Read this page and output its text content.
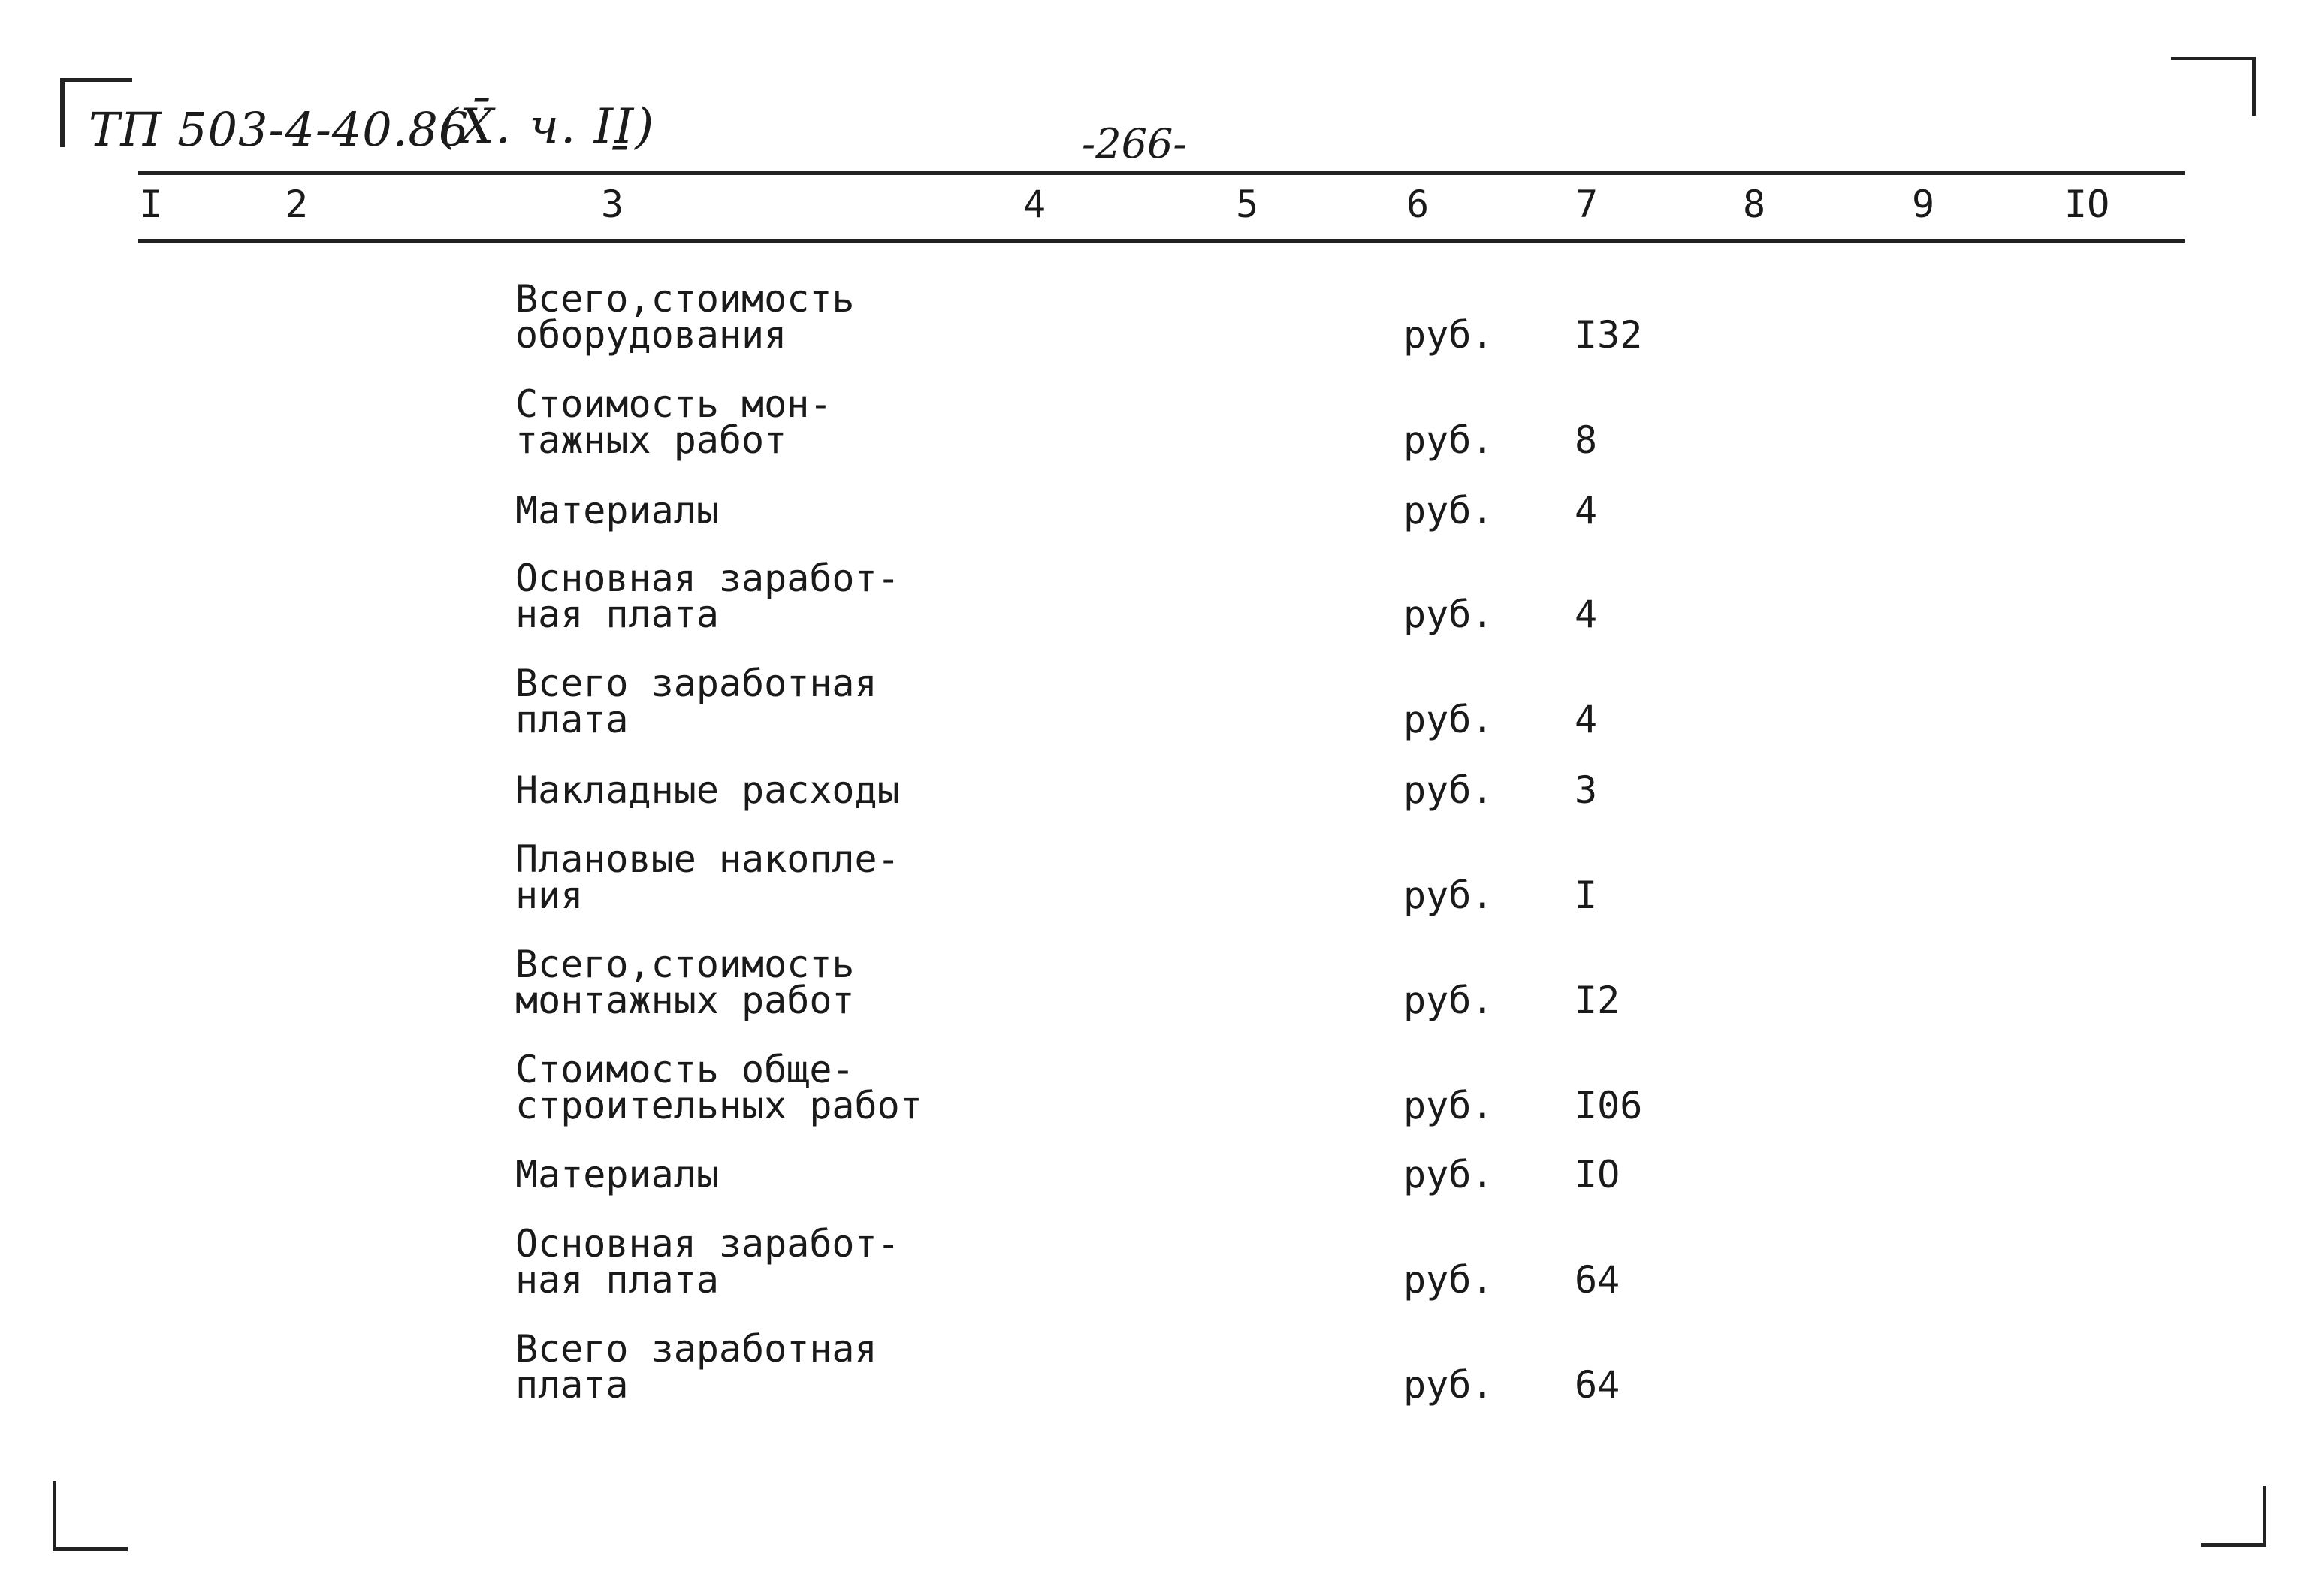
ТП 503-4-40.86
(X̄. ч. II̱)	-266-
I	2	3	4	5	6	7	8	9	IO
Всего,стоимость
оборудования	руб. I32
Стоимость мон-
тажных работ	руб. 8
Материалы	руб. 4
Основная заработ-
ная плата	руб. 4
Всего заработная
плата	руб. 4
Накладные расходы	руб. 3
Плановые накопле-
ния	руб. I
Всего,стоимость
монтажных работ	руб. I2
Стоимость обще-
строительных работ	руб. I06
Материалы	руб. IO
Основная заработ-
ная плата	руб. 64
Всего заработная
плата	руб. 64
